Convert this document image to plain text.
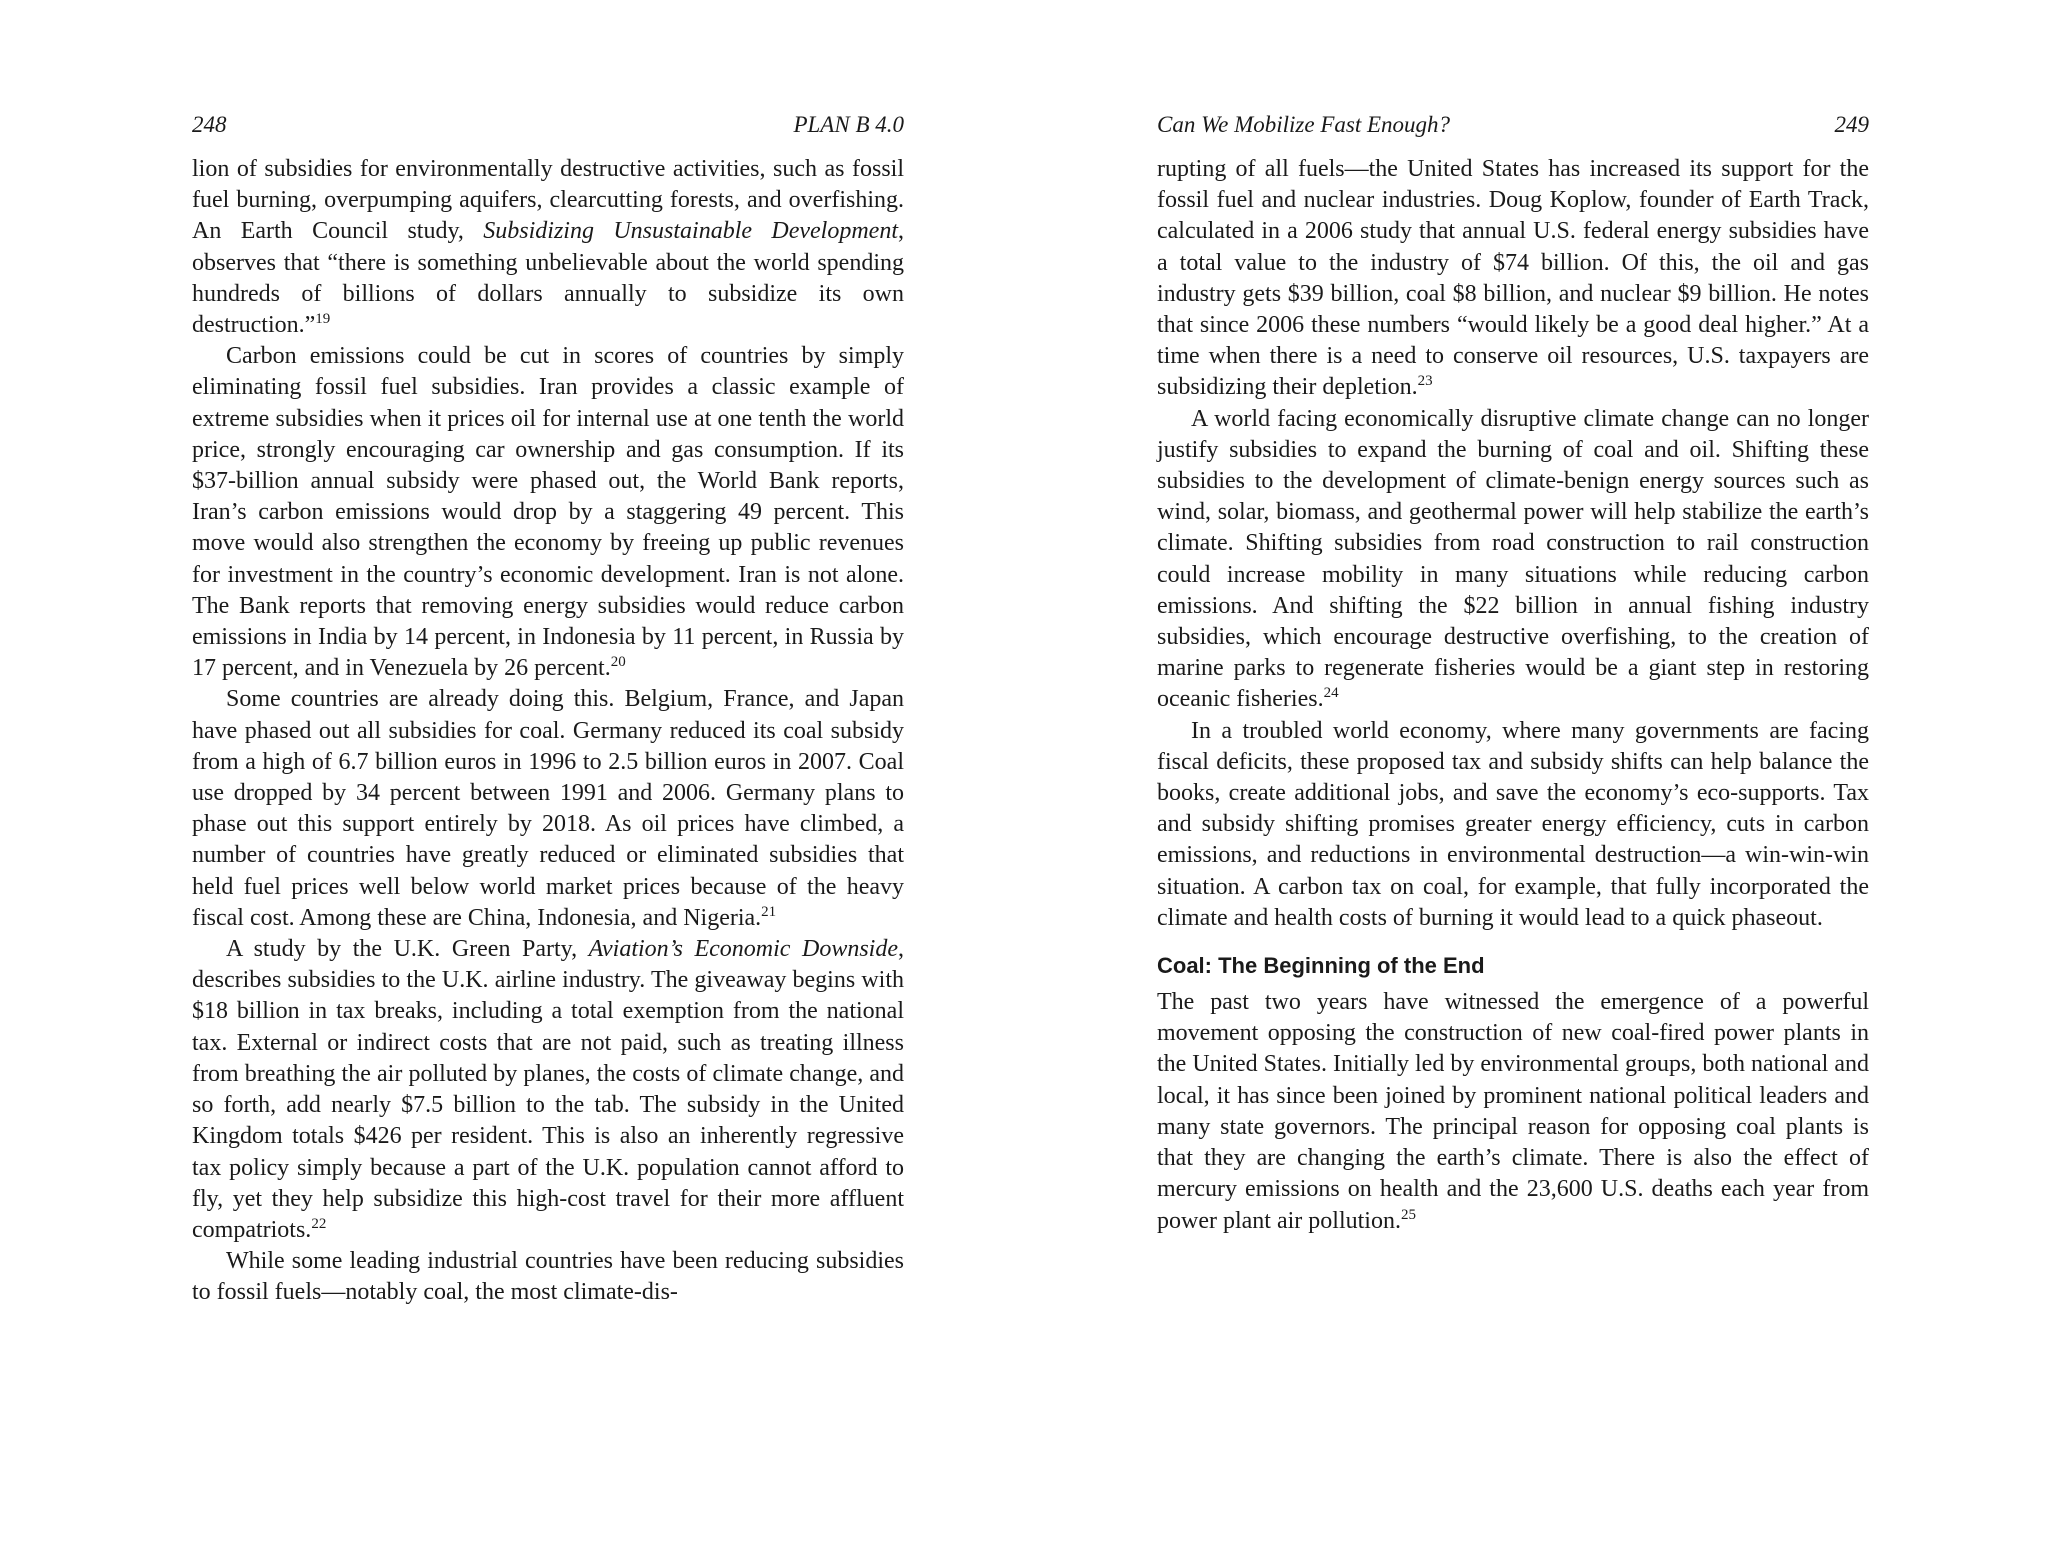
248	PLAN B 4.0

lion of subsidies for environmentally destructive activities, such as fossil fuel burning, overpumping aquifers, clearcutting forests, and overfishing. An Earth Council study, Subsidizing Unsustainable Development, observes that “there is something unbelievable about the world spending hundreds of billions of dollars annually to subsidize its own destruction.”$^{19}$

Carbon emissions could be cut in scores of countries by simply eliminating fossil fuel subsidies. Iran provides a classic example of extreme subsidies when it prices oil for internal use at one tenth the world price, strongly encouraging car ownership and gas consumption. If its $37-billion annual subsidy were phased out, the World Bank reports, Iran’s carbon emissions would drop by a staggering 49 percent. This move would also strengthen the economy by freeing up public revenues for investment in the country’s economic development. Iran is not alone. The Bank reports that removing energy subsidies would reduce carbon emissions in India by 14 percent, in Indonesia by 11 percent, in Russia by 17 percent, and in Venezuela by 26 percent.$^{20}$

Some countries are already doing this. Belgium, France, and Japan have phased out all subsidies for coal. Germany reduced its coal subsidy from a high of 6.7 billion euros in 1996 to 2.5 billion euros in 2007. Coal use dropped by 34 percent between 1991 and 2006. Germany plans to phase out this support entirely by 2018. As oil prices have climbed, a number of countries have greatly reduced or eliminated subsidies that held fuel prices well below world market prices because of the heavy fiscal cost. Among these are China, Indonesia, and Nigeria.$^{21}$

A study by the U.K. Green Party, Aviation’s Economic Downside, describes subsidies to the U.K. airline industry. The giveaway begins with $18 billion in tax breaks, including a total exemption from the national tax. External or indirect costs that are not paid, such as treating illness from breathing the air polluted by planes, the costs of climate change, and so forth, add nearly $7.5 billion to the tab. The subsidy in the United Kingdom totals $426 per resident. This is also an inherently regressive tax policy simply because a part of the U.K. population cannot afford to fly, yet they help subsidize this high-cost travel for their more affluent compatriots.$^{22}$

While some leading industrial countries have been reducing subsidies to fossil fuels—notably coal, the most climate-dis-

Can We Mobilize Fast Enough?	249

rupting of all fuels—the United States has increased its support for the fossil fuel and nuclear industries. Doug Koplow, founder of Earth Track, calculated in a 2006 study that annual U.S. federal energy subsidies have a total value to the industry of $74 billion. Of this, the oil and gas industry gets $39 billion, coal $8 billion, and nuclear $9 billion. He notes that since 2006 these numbers “would likely be a good deal higher.” At a time when there is a need to conserve oil resources, U.S. taxpayers are subsidizing their depletion.$^{23}$

A world facing economically disruptive climate change can no longer justify subsidies to expand the burning of coal and oil. Shifting these subsidies to the development of climate-benign energy sources such as wind, solar, biomass, and geothermal power will help stabilize the earth’s climate. Shifting subsidies from road construction to rail construction could increase mobility in many situations while reducing carbon emissions. And shifting the $22 billion in annual fishing industry subsidies, which encourage destructive overfishing, to the creation of marine parks to regenerate fisheries would be a giant step in restoring oceanic fisheries.$^{24}$

In a troubled world economy, where many governments are facing fiscal deficits, these proposed tax and subsidy shifts can help balance the books, create additional jobs, and save the economy’s eco-supports. Tax and subsidy shifting promises greater energy efficiency, cuts in carbon emissions, and reductions in environmental destruction—a win-win-win situation. A carbon tax on coal, for example, that fully incorporated the climate and health costs of burning it would lead to a quick phaseout.

Coal: The Beginning of the End

The past two years have witnessed the emergence of a powerful movement opposing the construction of new coal-fired power plants in the United States. Initially led by environmental groups, both national and local, it has since been joined by prominent national political leaders and many state governors. The principal reason for opposing coal plants is that they are changing the earth’s climate. There is also the effect of mercury emissions on health and the 23,600 U.S. deaths each year from power plant air pollution.$^{25}$
